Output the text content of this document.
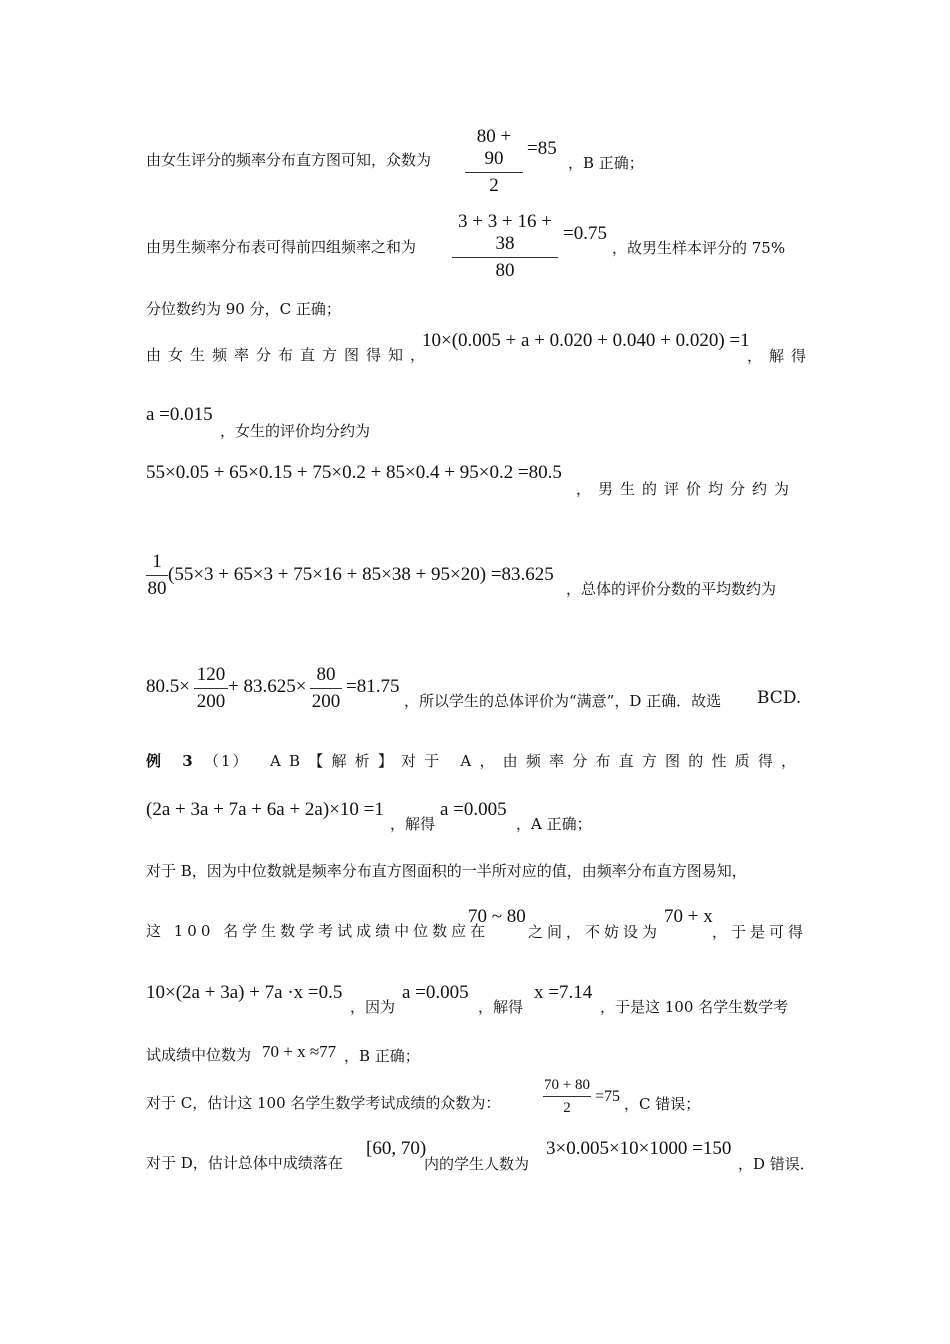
80 + 90
2
由女生评分的频率分布直方图可知，众数为
=85
，B 正确；
3 + 3 + 16 + 38
80
由男生频率分布表可得前四组频率之和为
=0.75
，故男生样本评分的 75%
分位数约为 90 分，C 正确；
由女生频率分布直方图得知，
10×(0.005 + a + 0.020 + 0.040 + 0.020) =1
，解得
a =0.015
，女生的评价均分约为
55×0.05 + 65×0.15 + 75×0.2 + 85×0.4 + 95×0.2 =80.5
，男生的评价均分约为
1
80
(55×3 + 65×3 + 75×16 + 85×38 + 95×20) =83.625
，总体的评价分数的平均数约为
80.5×
120
200
+ 83.625×
80
200
=81.75
，所以学生的总体评价为“满意”，D 正确．故选 BCD.
例 3 （1） AB【解析】对于 A，由频率分布直方图的性质得，
(2a + 3a + 7a + 6a + 2a)×10 =1
，解得
a =0.005
，A 正确；
对于 B，因为中位数就是频率分布直方图面积的一半所对应的值，由频率分布直方图易知，
这 100 名学生数学考试成绩中位数应在
70 ~ 80
之间，不妨设为
70 + x
，于是可得
10×(2a + 3a) + 7a ·x =0.5
，因为
a =0.005
，解得
x =7.14
，于是这 100 名学生数学考
试成绩中位数为 70 + x ≈77 ，B 正确；
对于 C，估计这 100 名学生数学考试成绩的众数为：
70 + 80
2
=75 ，C 错误；
对于 D，估计总体中成绩落在
[60, 70)
内的学生人数为
3×0.005×10×1000 =150
，D 错误．
